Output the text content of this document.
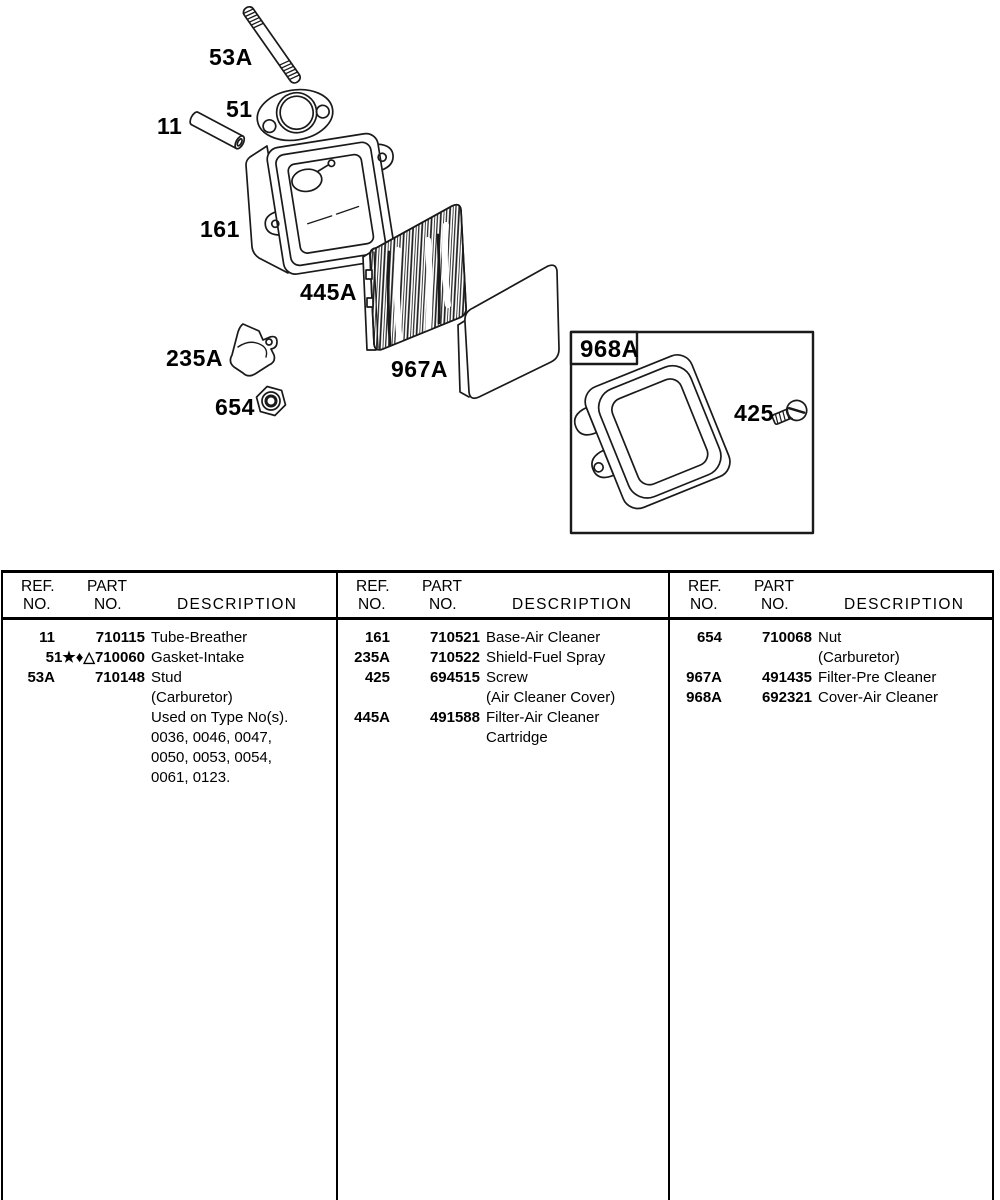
53A
51
11
161
445A
235A
654
967A
968A
425
REF.
NO.
PART
NO.	DESCRIPTION
11	710115 Tube-Breather
51★♦△710060 Gasket-Intake
53A	710148 Stud
(Carburetor)
Used on Type No(s).
0036, 0046, 0047,
0050, 0053, 0054,
0061, 0123.
REF.
NO.
PART
NO.	DESCRIPTION
161	710521 Base-Air Cleaner
235A	710522 Shield-Fuel Spray
425	694515 Screw
(Air Cleaner Cover)
445A	491588 Filter-Air Cleaner
Cartridge
REF.
NO.
PART
NO.	DESCRIPTION
654	710068 Nut
(Carburetor)
967A	491435 Filter-Pre Cleaner
968A	692321 Cover-Air Cleaner
